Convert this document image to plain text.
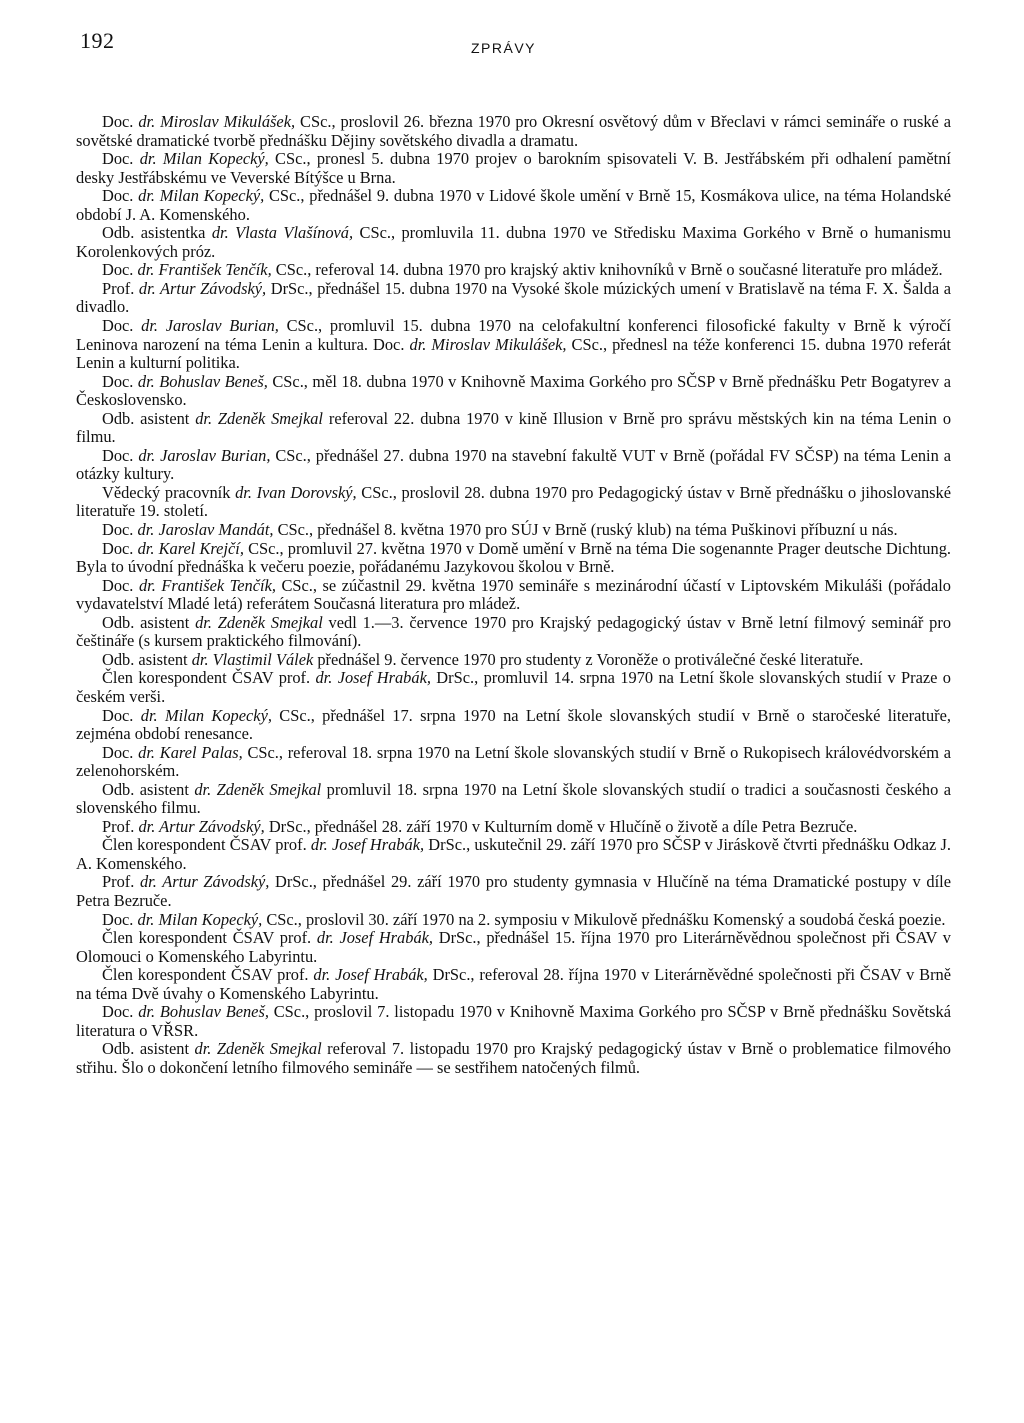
192	ZPRÁVY

Doc. dr. Miroslav Mikulášek, CSc., proslovil 26. března 1970 pro Okresní osvětový dům v Břeclavi v rámci semináře o ruské a sovětské dramatické tvorbě přednášku Dějiny sovětského divadla a dramatu.

Doc. dr. Milan Kopecký, CSc., pronesl 5. dubna 1970 projev o barokním spisovateli V. B. Jestřábském při odhalení pamětní desky Jestřábskému ve Veverské Bítýšce u Brna.

Doc. dr. Milan Kopecký, CSc., přednášel 9. dubna 1970 v Lidové škole umění v Brně 15, Kosmákova ulice, na téma Holandské období J. A. Komenského.

Odb. asistentka dr. Vlasta Vlašínová, CSc., promluvila 11. dubna 1970 ve Středisku Maxima Gorkého v Brně o humanismu Korolenkových próz.

Doc. dr. František Tenčík, CSc., referoval 14. dubna 1970 pro krajský aktiv knihovníků v Brně o současné literatuře pro mládež.

Prof. dr. Artur Závodský, DrSc., přednášel 15. dubna 1970 na Vysoké škole múzických umení v Bratislavě na téma F. X. Šalda a divadlo.

Doc. dr. Jaroslav Burian, CSc., promluvil 15. dubna 1970 na celofakultní konferenci filosofické fakulty v Brně k výročí Leninova narození na téma Lenin a kultura. Doc. dr. Miroslav Mikulášek, CSc., přednesl na téže konferenci 15. dubna 1970 referát Lenin a kulturní politika.

Doc. dr. Bohuslav Beneš, CSc., měl 18. dubna 1970 v Knihovně Maxima Gorkého pro SČSP v Brně přednášku Petr Bogatyrev a Československo.

Odb. asistent dr. Zdeněk Smejkal referoval 22. dubna 1970 v kině Illusion v Brně pro správu městských kin na téma Lenin o filmu.

Doc. dr. Jaroslav Burian, CSc., přednášel 27. dubna 1970 na stavební fakultě VUT v Brně (pořádal FV SČSP) na téma Lenin a otázky kultury.

Vědecký pracovník dr. Ivan Dorovský, CSc., proslovil 28. dubna 1970 pro Pedagogický ústav v Brně přednášku o jihoslovanské literatuře 19. století.

Doc. dr. Jaroslav Mandát, CSc., přednášel 8. května 1970 pro SÚJ v Brně (ruský klub) na téma Puškinovi příbuzní u nás.

Doc. dr. Karel Krejčí, CSc., promluvil 27. května 1970 v Domě umění v Brně na téma Die sogenannte Prager deutsche Dichtung. Byla to úvodní přednáška k večeru poezie, pořádanému Jazykovou školou v Brně.

Doc. dr. František Tenčík, CSc., se zúčastnil 29. května 1970 semináře s mezinárodní účastí v Liptovském Mikuláši (pořádalo vydavatelství Mladé letá) referátem Současná literatura pro mládež.

Odb. asistent dr. Zdeněk Smejkal vedl 1.—3. července 1970 pro Krajský pedagogický ústav v Brně letní filmový seminář pro češtináře (s kursem praktického filmování).

Odb. asistent dr. Vlastimil Válek přednášel 9. července 1970 pro studenty z Voroněže o protiválečné české literatuře.

Člen korespondent ČSAV prof. dr. Josef Hrabák, DrSc., promluvil 14. srpna 1970 na Letní škole slovanských studií v Praze o českém verši.

Doc. dr. Milan Kopecký, CSc., přednášel 17. srpna 1970 na Letní škole slovanských studií v Brně o staročeské literatuře, zejména období renesance.

Doc. dr. Karel Palas, CSc., referoval 18. srpna 1970 na Letní škole slovanských studií v Brně o Rukopisech královédvorském a zelenohorském.

Odb. asistent dr. Zdeněk Smejkal promluvil 18. srpna 1970 na Letní škole slovanských studií o tradici a současnosti českého a slovenského filmu.

Prof. dr. Artur Závodský, DrSc., přednášel 28. září 1970 v Kulturním domě v Hlučíně o životě a díle Petra Bezruče.

Člen korespondent ČSAV prof. dr. Josef Hrabák, DrSc., uskutečnil 29. září 1970 pro SČSP v Jiráskově čtvrti přednášku Odkaz J. A. Komenského.

Prof. dr. Artur Závodský, DrSc., přednášel 29. září 1970 pro studenty gymnasia v Hlučíně na téma Dramatické postupy v díle Petra Bezruče.

Doc. dr. Milan Kopecký, CSc., proslovil 30. září 1970 na 2. symposiu v Mikulově přednášku Komenský a soudobá česká poezie.

Člen korespondent ČSAV prof. dr. Josef Hrabák, DrSc., přednášel 15. října 1970 pro Literárněvědnou společnost při ČSAV v Olomouci o Komenského Labyrintu.

Člen korespondent ČSAV prof. dr. Josef Hrabák, DrSc., referoval 28. října 1970 v Literárněvědné společnosti při ČSAV v Brně na téma Dvě úvahy o Komenského Labyrintu.

Doc. dr. Bohuslav Beneš, CSc., proslovil 7. listopadu 1970 v Knihovně Maxima Gorkého pro SČSP v Brně přednášku Sovětská literatura o VŘSR.

Odb. asistent dr. Zdeněk Smejkal referoval 7. listopadu 1970 pro Krajský pedagogický ústav v Brně o problematice filmového střihu. Šlo o dokončení letního filmového semináře — se sestřihem natočených filmů.
